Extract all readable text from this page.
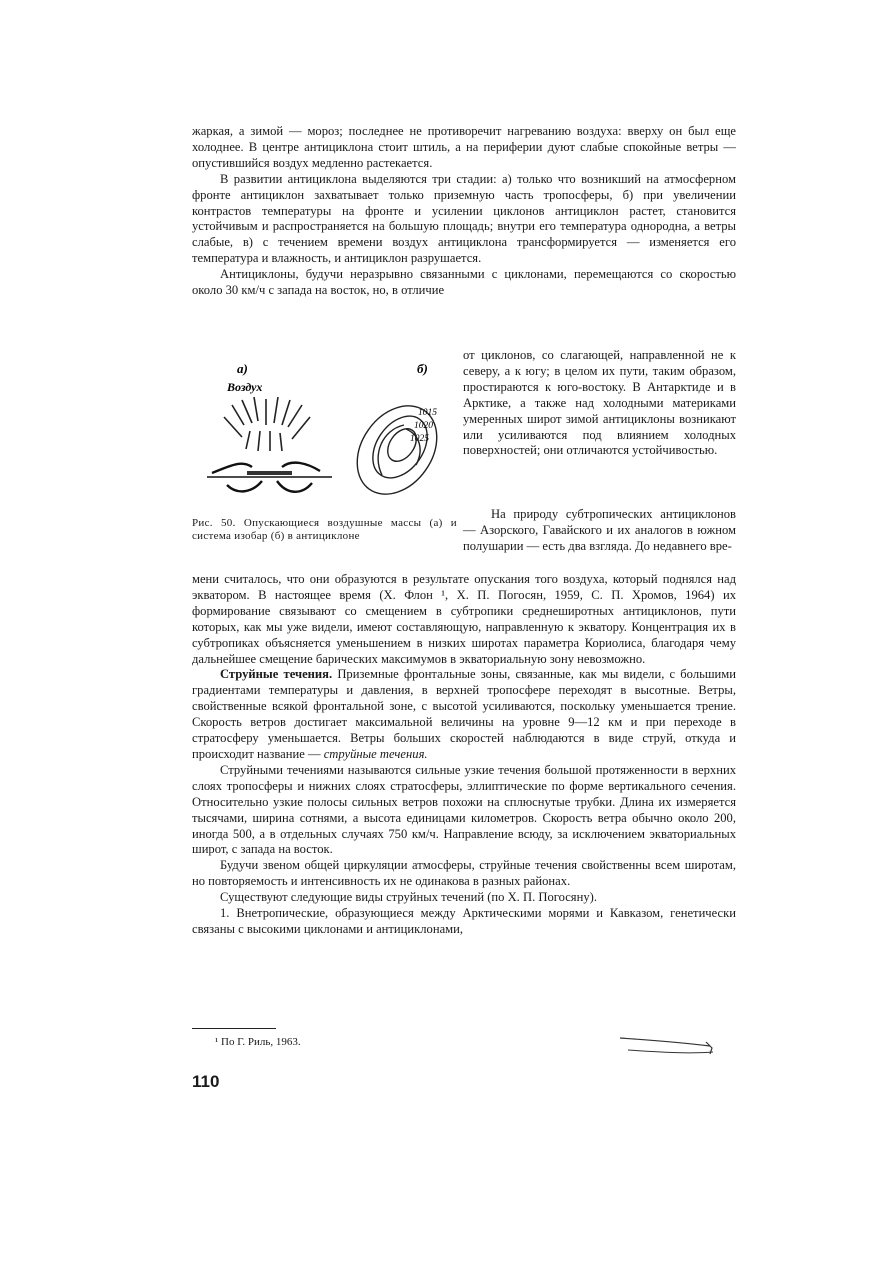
жаркая, а зимой — мороз; последнее не противоречит нагреванию воздуха: вверху он был еще холоднее. В центре антициклона стоит штиль, а на периферии дуют слабые спокойные ветры — опустившийся воздух медленно растекается.

В развитии антициклона выделяются три стадии: а) только что возникший на атмосферном фронте антициклон захватывает только приземную часть тропосферы, б) при увеличении контрастов температуры на фронте и усилении циклонов антициклон растет, становится устойчивым и распространяется на большую площадь; внутри его температура однородна, а ветры слабые, в) с течением времени воздух антициклона трансформируется — изменяется его температура и влажность, и антициклон разрушается.

Антициклоны, будучи неразрывно связанными с циклонами, перемещаются со скоростью около 30 км/ч с запада на восток, но, в отличие

от циклонов, со слагающей, направленной не к северу, а к югу; в целом их пути, таким образом, простираются к юго-востоку. В Антарктиде и в Арктике, а также над холодными материками умеренных широт зимой антициклоны возникают или усиливаются под влиянием холодных поверхностей; они отличаются устойчивостью.

На природу субтропических антициклонов — Азорского, Гавайского и их аналогов в южном полушарии — есть два взгляда. До недавнего вре-

а)	б)
Воздух
1015
1020
1025
Рис. 50. Опускающиеся воздушные массы (а) и система изобар (б) в антициклоне

мени считалось, что они образуются в результате опускания того воздуха, который поднялся над экватором. В настоящее время (Х. Флон ¹, Х. П. Погосян, 1959, С. П. Хромов, 1964) их формирование связывают со смещением в субтропики среднеширотных антициклонов, пути которых, как мы уже видели, имеют составляющую, направленную к экватору. Концентрация их в субтропиках объясняется уменьшением в низких широтах параметра Кориолиса, благодаря чему дальнейшее смещение барических максимумов в экваториальную зону невозможно.

Струйные течения. Приземные фронтальные зоны, связанные, как мы видели, с большими градиентами температуры и давления, в верхней тропосфере переходят в высотные. Ветры, свойственные всякой фронтальной зоне, с высотой усиливаются, поскольку уменьшается трение. Скорость ветров достигает максимальной величины на уровне 9—12 км и при переходе в стратосферу уменьшается. Ветры больших скоростей наблюдаются в виде струй, откуда и происходит название — струйные течения.

Струйными течениями называются сильные узкие течения большой протяженности в верхних слоях тропосферы и нижних слоях стратосферы, эллиптические по форме вертикального сечения. Относительно узкие полосы сильных ветров похожи на сплюснутые трубки. Длина их измеряется тысячами, ширина сотнями, а высота единицами километров. Скорость ветра обычно около 200, иногда 500, а в отдельных случаях 750 км/ч. Направление всюду, за исключением экваториальных широт, с запада на восток.

Будучи звеном общей циркуляции атмосферы, струйные течения свойственны всем широтам, но повторяемость и интенсивность их не одинакова в разных районах.

Существуют следующие виды струйных течений (по Х. П. Погосяну).

1. Внетропические, образующиеся между Арктическими морями и Кавказом, генетически связаны с высокими циклонами и антициклонами,

¹ По Г. Риль, 1963.
110
